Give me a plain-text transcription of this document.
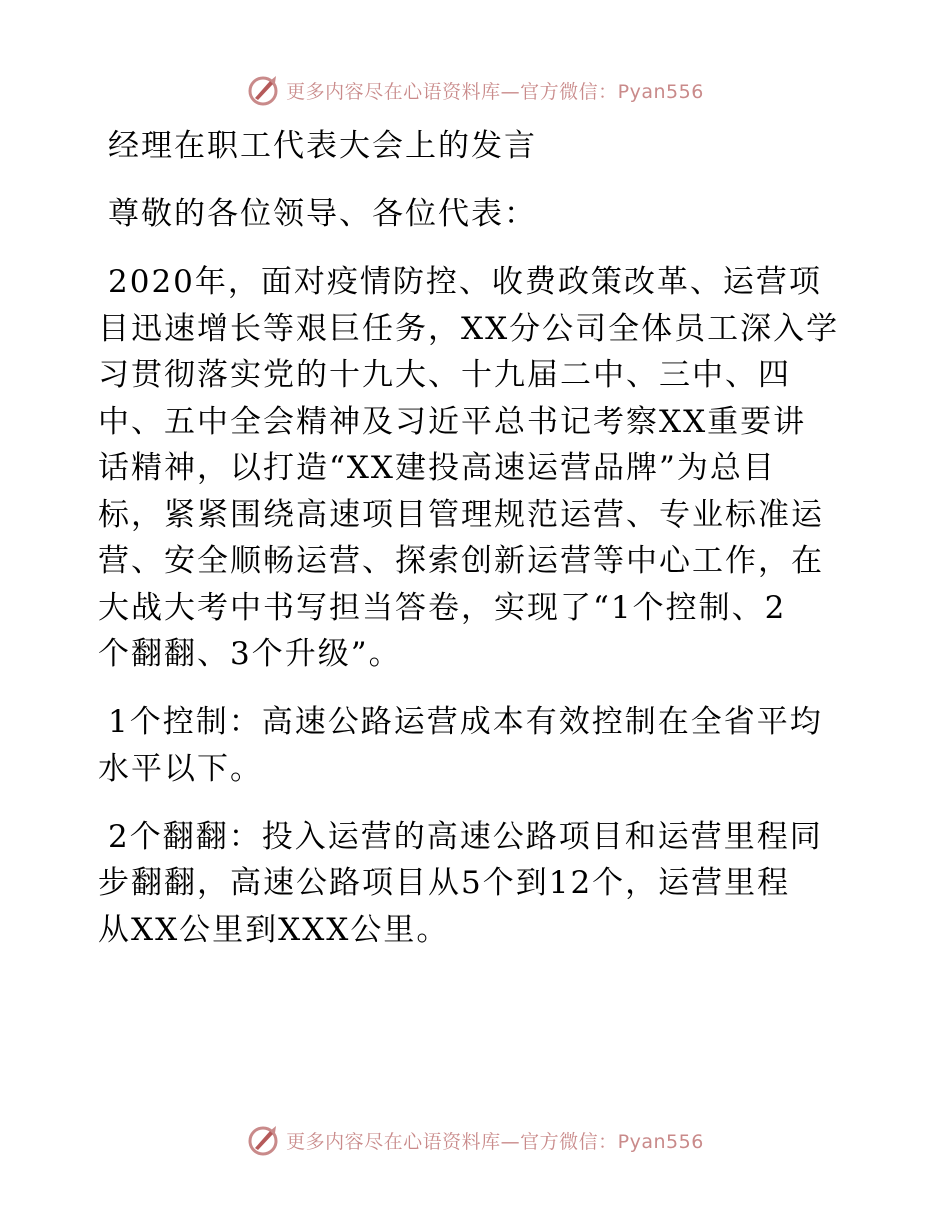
更多内容尽在心语资料库—官方微信：Pyan556

经理在职工代表大会上的发言

尊敬的各位领导、各位代表：

2020年，面对疫情防控、收费政策改革、运营项
目迅速增长等艰巨任务，XX分公司全体员工深入学
习贯彻落实党的十九大、十九届二中、三中、四
中、五中全会精神及习近平总书记考察XX重要讲
话精神，以打造“XX建投高速运营品牌”为总目
标，紧紧围绕高速项目管理规范运营、专业标准运
营、安全顺畅运营、探索创新运营等中心工作，在
大战大考中书写担当答卷，实现了“1个控制、2
个翻翻、3个升级”。

1个控制：高速公路运营成本有效控制在全省平均
水平以下。

2个翻翻：投入运营的高速公路项目和运营里程同
步翻翻，高速公路项目从5个到12个，运营里程
从XX公里到XXX公里。

更多内容尽在心语资料库—官方微信：Pyan556
